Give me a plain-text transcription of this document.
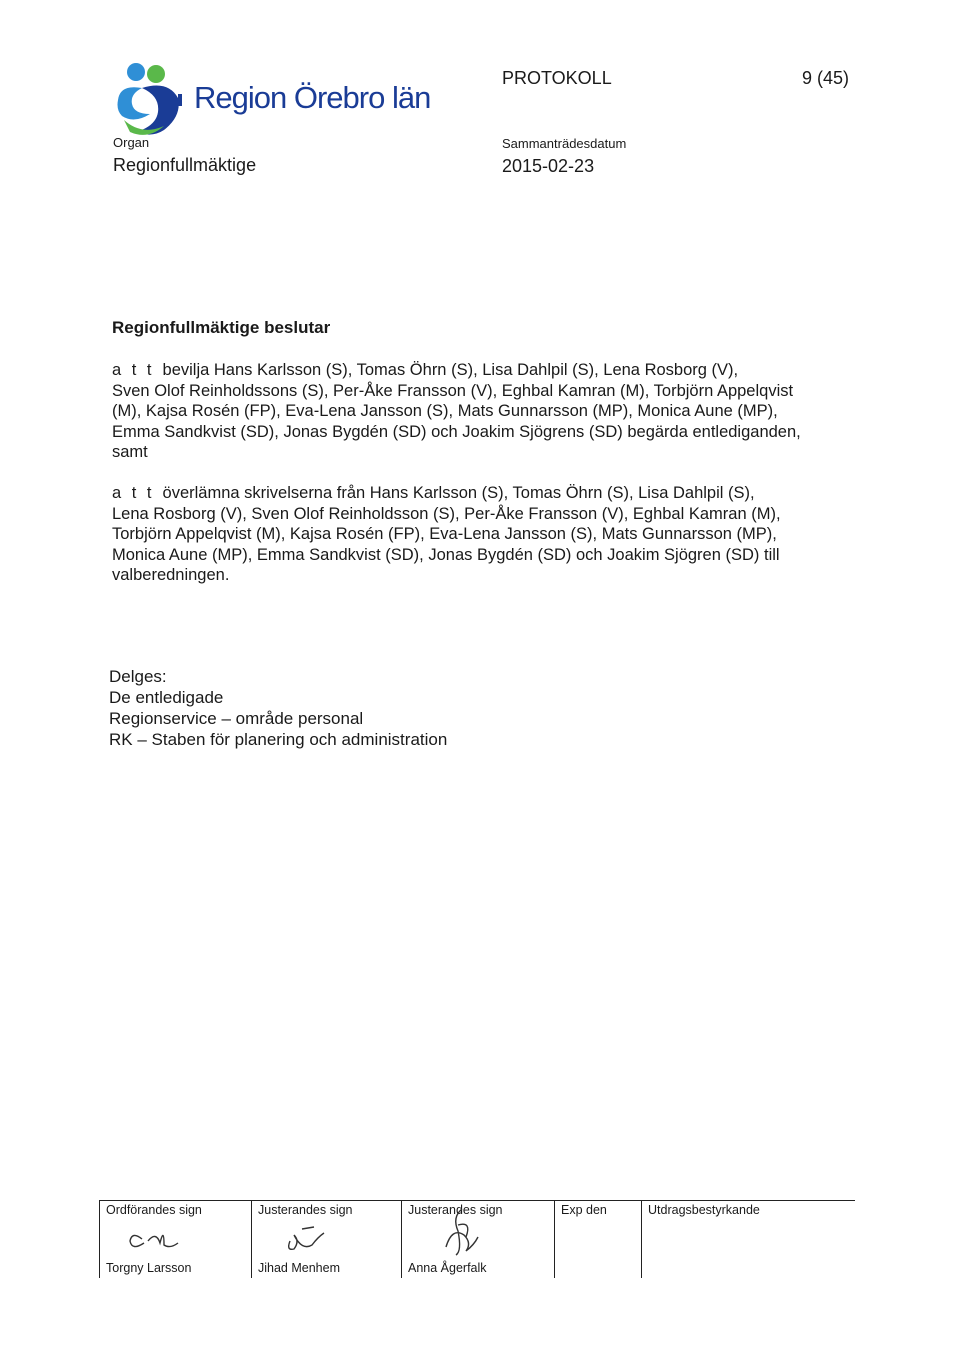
Region Örebro län
PROTOKOLL	9 (45)
Organ
Regionfullmäktige
Sammanträdesdatum
2015-02-23
Regionfullmäktige beslutar
a t t bevilja Hans Karlsson (S), Tomas Öhrn (S), Lisa Dahlpil (S), Lena Rosborg (V),
Sven Olof Reinholdssons (S), Per-Åke Fransson (V), Eghbal Kamran (M), Torbjörn Appelqvist
(M), Kajsa Rosén (FP), Eva-Lena Jansson (S), Mats Gunnarsson (MP), Monica Aune (MP),
Emma Sandkvist (SD), Jonas Bygdén (SD) och Joakim Sjögrens (SD) begärda entlediganden,
samt
a t t överlämna skrivelserna från Hans Karlsson (S), Tomas Öhrn (S), Lisa Dahlpil (S),
Lena Rosborg (V), Sven Olof Reinholdsson (S), Per-Åke Fransson (V), Eghbal Kamran (M),
Torbjörn Appelqvist (M), Kajsa Rosén (FP), Eva-Lena Jansson (S), Mats Gunnarsson (MP),
Monica Aune (MP), Emma Sandkvist (SD), Jonas Bygdén (SD) och Joakim Sjögren (SD) till
valberedningen.
Delges:
De entledigade
Regionservice – område personal
RK – Staben för planering och administration
Ordförandes sign
Torgny Larsson
Justerandes sign
Jihad Menhem
Justerandes sign
Anna Ågerfalk
Exp den	Utdragsbestyrkande
